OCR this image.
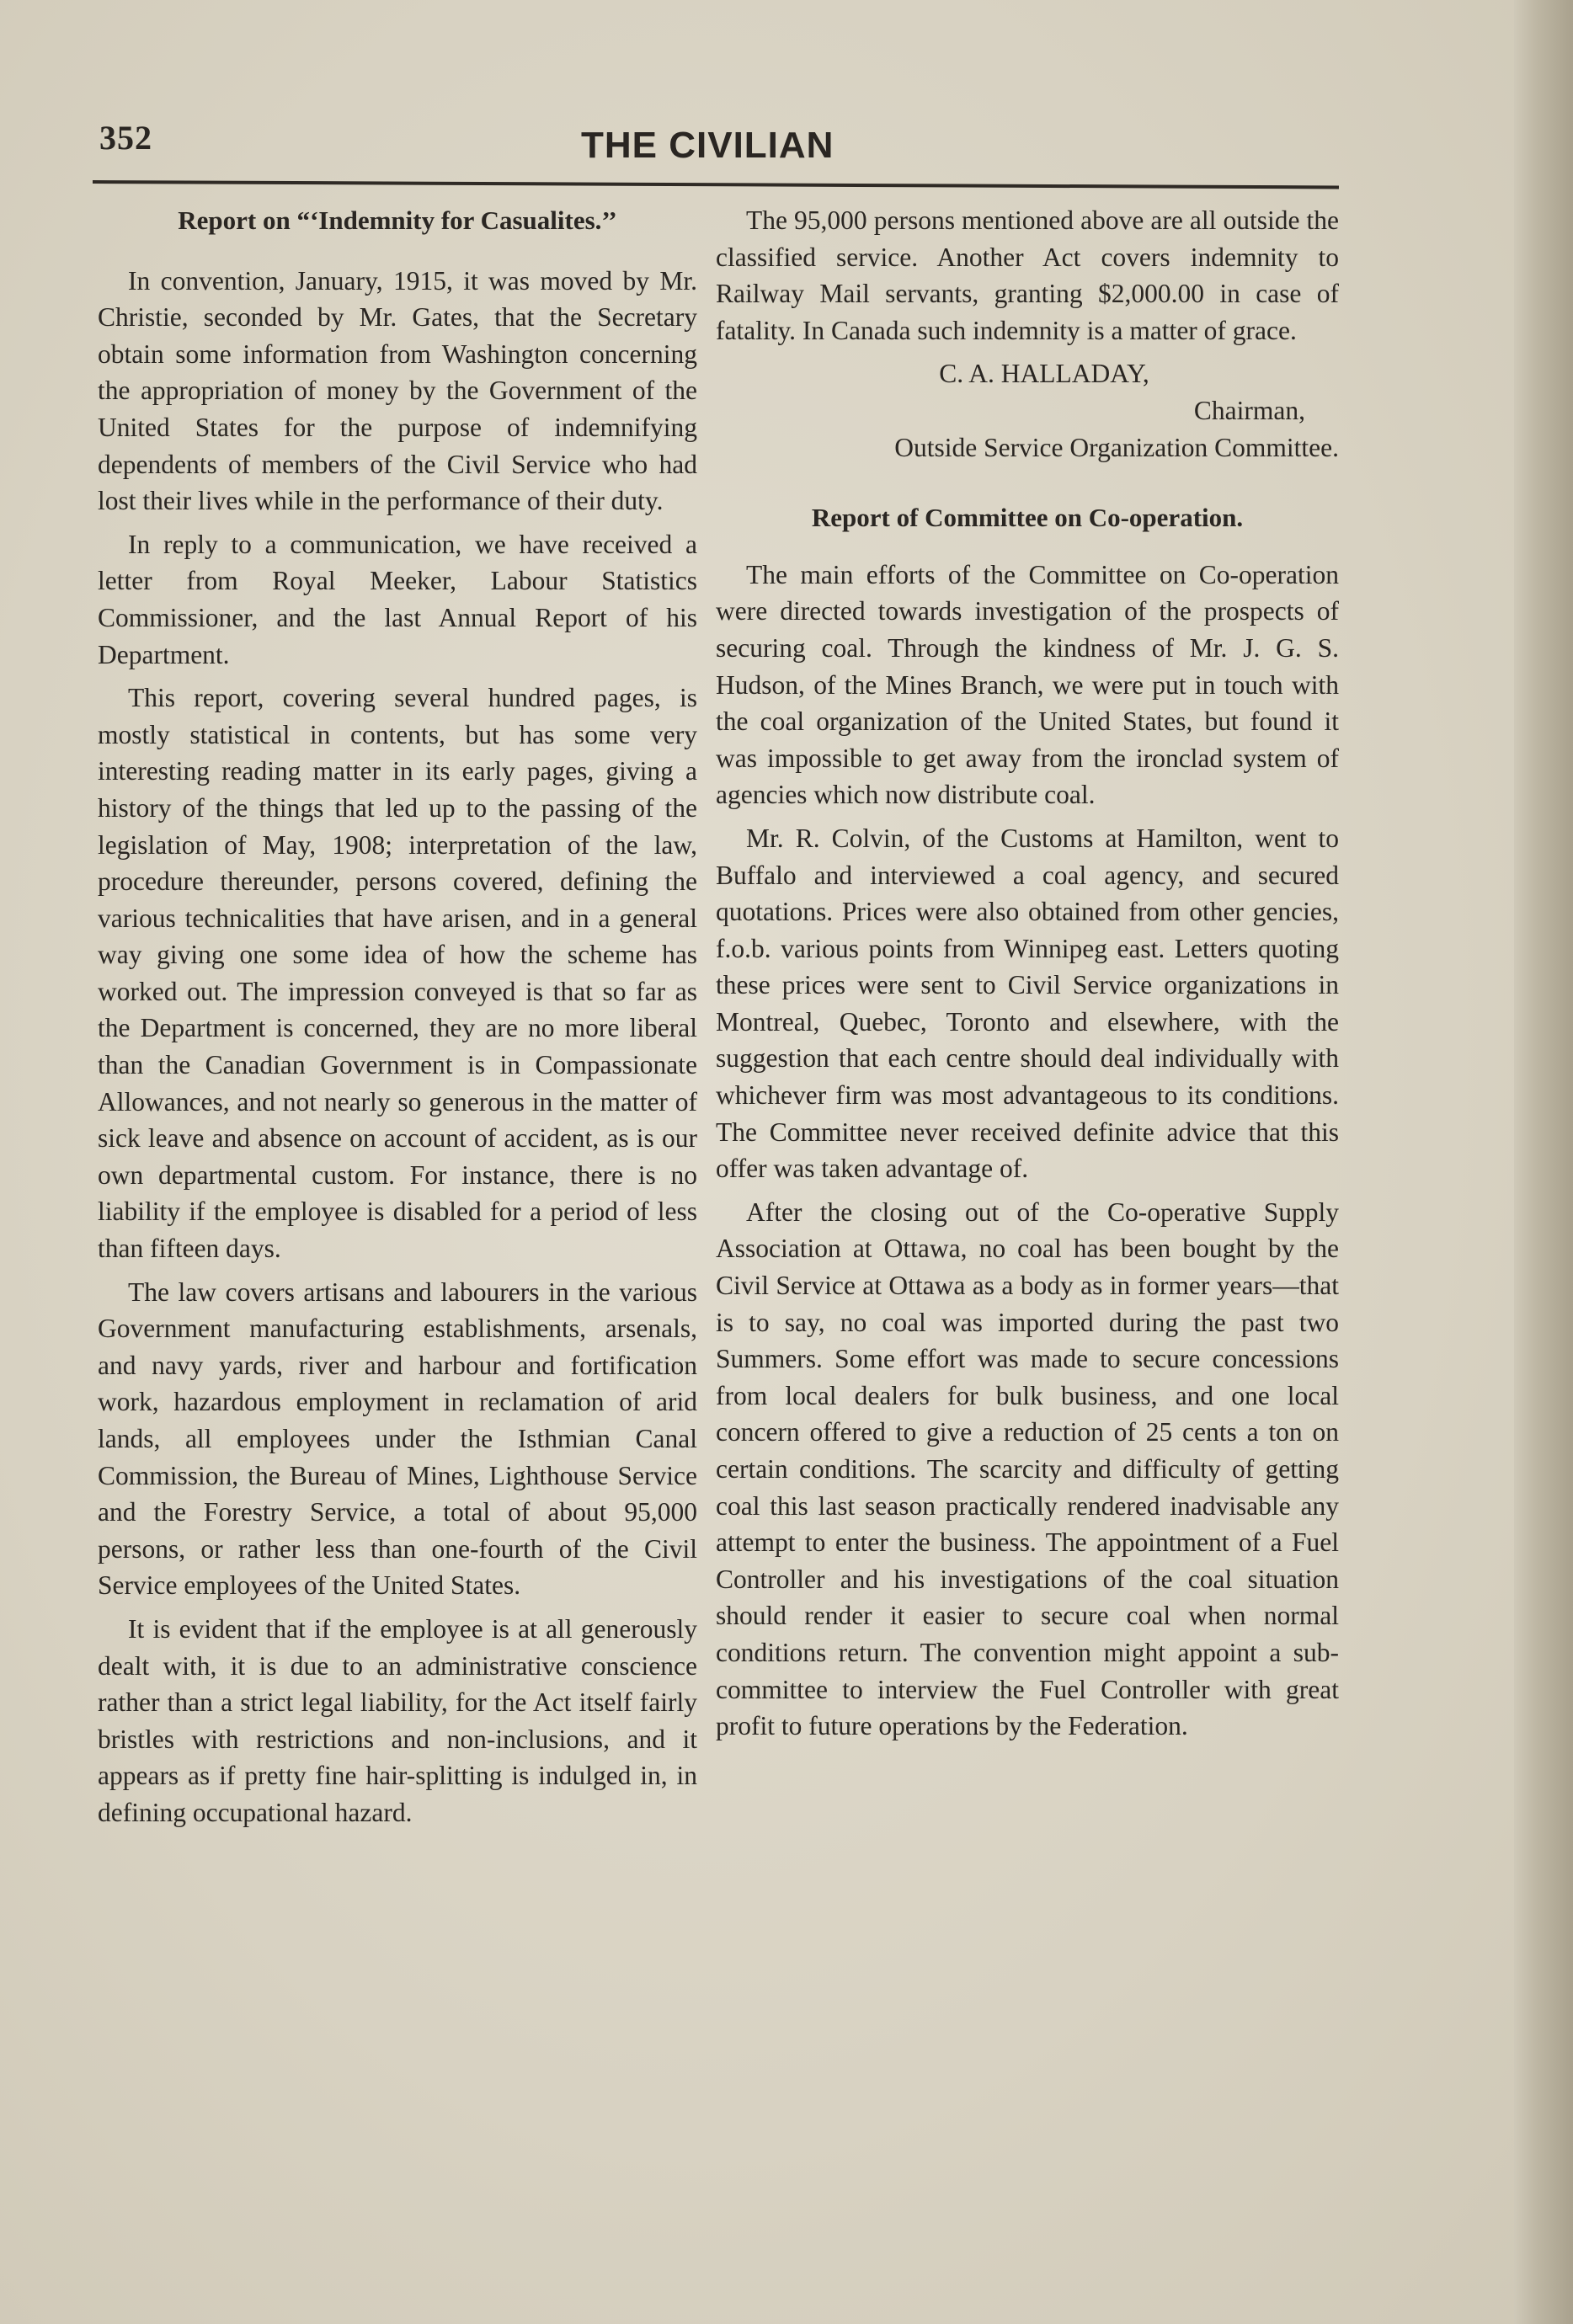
352	THE CIVILIAN
Report on “‘Indemnity for Casualites.’’

In convention, January, 1915, it was moved by Mr. Christie, seconded by Mr. Gates, that the Secretary obtain some information from Washington concerning the appropriation of money by the Government of the United States for the purpose of indemnifying dependents of members of the Civil Service who had lost their lives while in the performance of their duty.

In reply to a communication, we have received a letter from Royal Meeker, Labour Statistics Commissioner, and the last Annual Report of his Department.

This report, covering several hundred pages, is mostly statistical in contents, but has some very interesting reading matter in its early pages, giving a history of the things that led up to the passing of the legislation of May, 1908; interpretation of the law, procedure thereunder, persons covered, defining the various technicalities that have arisen, and in a general way giving one some idea of how the scheme has worked out. The impression conveyed is that so far as the Department is concerned, they are no more liberal than the Canadian Government is in Compassionate Allowances, and not nearly so generous in the matter of sick leave and absence on account of accident, as is our own departmental custom. For instance, there is no liability if the employee is disabled for a period of less than fifteen days.

The law covers artisans and labourers in the various Government manufacturing establishments, arsenals, and navy yards, river and harbour and fortification work, hazardous employment in reclamation of arid lands, all employees under the Isthmian Canal Commission, the Bureau of Mines, Lighthouse Service and the Forestry Service, a total of about 95,000 persons, or rather less than one-fourth of the Civil Service employees of the United States.

It is evident that if the employee is at all generously dealt with, it is due to an administrative conscience rather than a strict legal liability, for the Act itself fairly bristles with restrictions and non-inclusions, and it appears as if pretty fine hair-splitting is indulged in, in defining occupational hazard.

The 95,000 persons mentioned above are all outside the classified service. Another Act covers indemnity to Railway Mail servants, granting $2,000.00 in case of fatality. In Canada such indemnity is a matter of grace.

C. A. HALLADAY,
Chairman,
Outside Service Organization Committee.
Report of Committee on Co-operation.

The main efforts of the Committee on Co-operation were directed towards investigation of the prospects of securing coal. Through the kindness of Mr. J. G. S. Hudson, of the Mines Branch, we were put in touch with the coal organization of the United States, but found it was impossible to get away from the ironclad system of agencies which now distribute coal.

Mr. R. Colvin, of the Customs at Hamilton, went to Buffalo and interviewed a coal agency, and secured quotations. Prices were also obtained from other gencies, f.o.b. various points from Winnipeg east. Letters quoting these prices were sent to Civil Service organizations in Montreal, Quebec, Toronto and elsewhere, with the suggestion that each centre should deal individually with whichever firm was most advantageous to its conditions. The Committee never received definite advice that this offer was taken advantage of.

After the closing out of the Co-operative Supply Association at Ottawa, no coal has been bought by the Civil Service at Ottawa as a body as in former years—that is to say, no coal was imported during the past two Summers. Some effort was made to secure concessions from local dealers for bulk business, and one local concern offered to give a reduction of 25 cents a ton on certain conditions. The scarcity and difficulty of getting coal this last season practically rendered inadvisable any attempt to enter the business. The appointment of a Fuel Controller and his investigations of the coal situation should render it easier to secure coal when normal conditions return. The convention might appoint a sub-committee to interview the Fuel Controller with great profit to future operations by the Federation.
